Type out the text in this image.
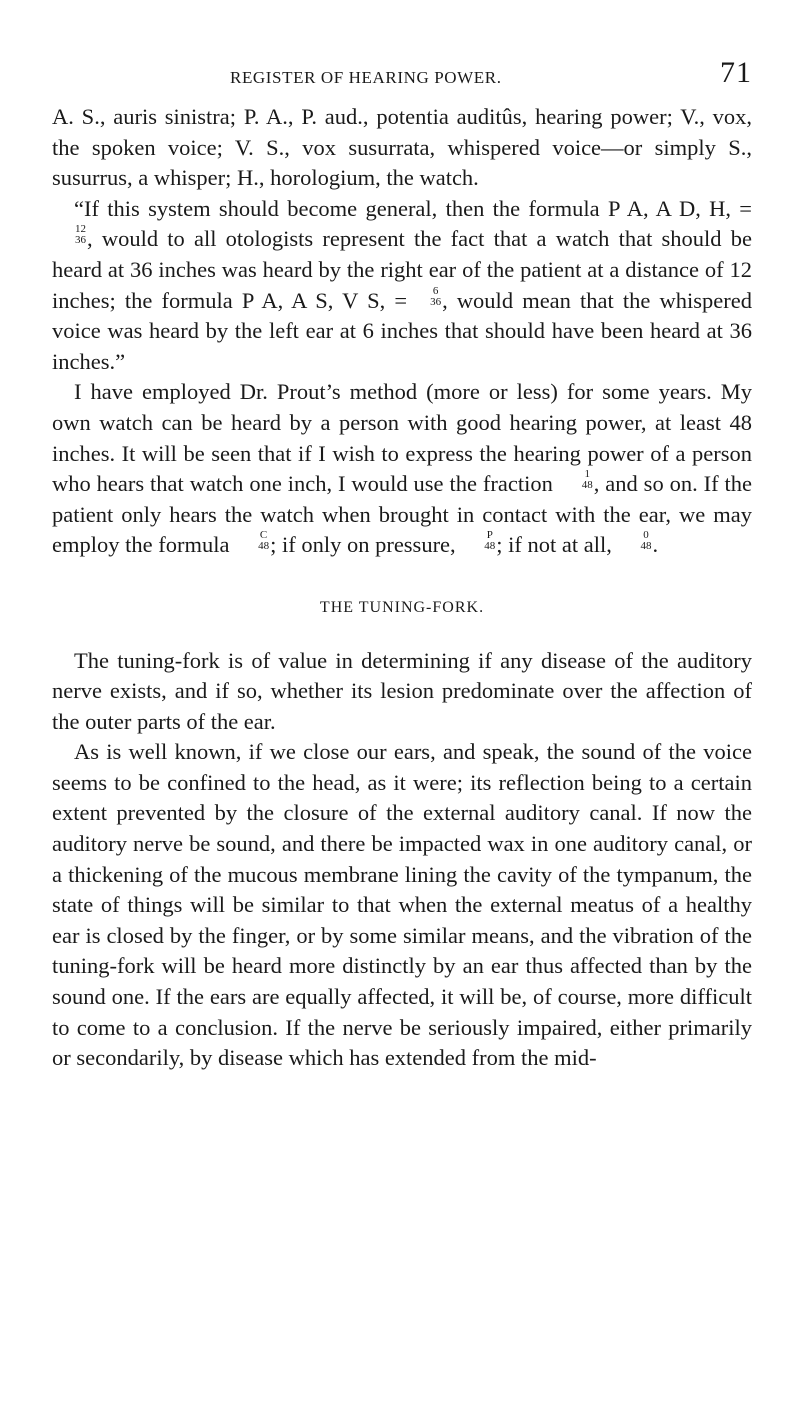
REGISTER OF HEARING POWER.	71

A. S., auris sinistra; P. A., P. aud., potentia auditûs, hearing power; V., vox, the spoken voice; V. S., vox susurrata, whispered voice—or simply S., susurrus, a whisper; H., horologium, the watch.

“If this system should become general, then the formula P A, A D, H, =
12
36 , would to all otologists represent the fact that a watch that should be heard at 36 inches was heard by the right ear of the patient at a distance of 12 inches; the formula P A, A S, V S, =	6
36 , would mean that the whispered voice was heard by the left ear at 6 inches that should have been heard at 36 inches.”

I have employed Dr. Prout’s method (more or less) for some years. My own watch can be heard by a person with good hearing power, at least 48 inches. It will be seen that if I wish to express the hearing power of a person who hears that watch one inch, I would use the fraction	1
48 , and so on. If the patient only hears the watch when brought in contact with the ear, we may employ the formula	C
48 ; if only on pressure,	P
48 ; if not at all,	0
48 .

THE TUNING-FORK.

The tuning-fork is of value in determining if any disease of the auditory nerve exists, and if so, whether its lesion predominate over the affection of the outer parts of the ear.

As is well known, if we close our ears, and speak, the sound of the voice seems to be confined to the head, as it were; its reflection being to a certain extent prevented by the closure of the external auditory canal. If now the auditory nerve be sound, and there be impacted wax in one auditory canal, or a thickening of the mucous membrane lining the cavity of the tympanum, the state of things will be similar to that when the external meatus of a healthy ear is closed by the finger, or by some similar means, and the vibration of the tuning-fork will be heard more distinctly by an ear thus affected than by the sound one. If the ears are equally affected, it will be, of course, more difficult to come to a conclusion. If the nerve be seriously impaired, either primarily or secondarily, by disease which has extended from the mid-
